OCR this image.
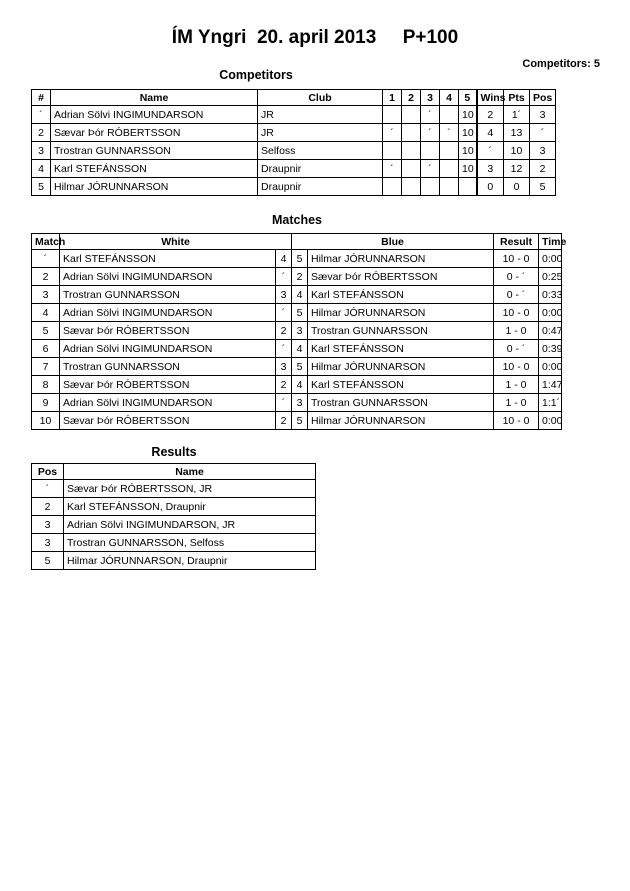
ÍM Yngri  20. april 2013     P+100
Competitors: 5
Competitors
#	Name	Club	1	2	3	4	5	Wins	Pts	Pos
´	Adrian Sölvi INGIMUNDARSON	JR			´		10	2	1´	3
2	Sævar Þór RÓBERTSSON	JR	´		´	´	10	4	13	´
3	Trostran GUNNARSSON	Selfoss					10	´	10	3
4	Karl STEFÁNSSON	Draupnir	´		´		10	3	12	2
5	Hilmar JÓRUNNARSON	Draupnir						0	0	5
Matches
Match	White		Blue		Result	Time
´	Karl STEFÁNSSON	4	5	Hilmar JÓRUNNARSON	10 - 0	0:00
2	Adrian Sölvi INGIMUNDARSON	´	2	Sævar Þór RÓBERTSSON	0 - ´	0:25
3	Trostran GUNNARSSON	3	4	Karl STEFÁNSSON	0 - ´	0:33
4	Adrian Sölvi INGIMUNDARSON	´	5	Hilmar JÓRUNNARSON	10 - 0	0:00
5	Sævar Þór RÓBERTSSON	2	3	Trostran GUNNARSSON	1 - 0	0:47
6	Adrian Sölvi INGIMUNDARSON	´	4	Karl STEFÁNSSON	0 - ´	0:39
7	Trostran GUNNARSSON	3	5	Hilmar JÓRUNNARSON	10 - 0	0:00
8	Sævar Þór RÓBERTSSON	2	4	Karl STEFÁNSSON	1 - 0	1:47
9	Adrian Sölvi INGIMUNDARSON	´	3	Trostran GUNNARSSON	1 - 0	1:1´
10	Sævar Þór RÓBERTSSON	2	5	Hilmar JÓRUNNARSON	10 - 0	0:00
Results
Pos	Name
´	Sævar Þór RÓBERTSSON, JR
2	Karl STEFÁNSSON, Draupnir
3	Adrian Sölvi INGIMUNDARSON, JR
3	Trostran GUNNARSSON, Selfoss
5	Hilmar JÓRUNNARSON, Draupnir
